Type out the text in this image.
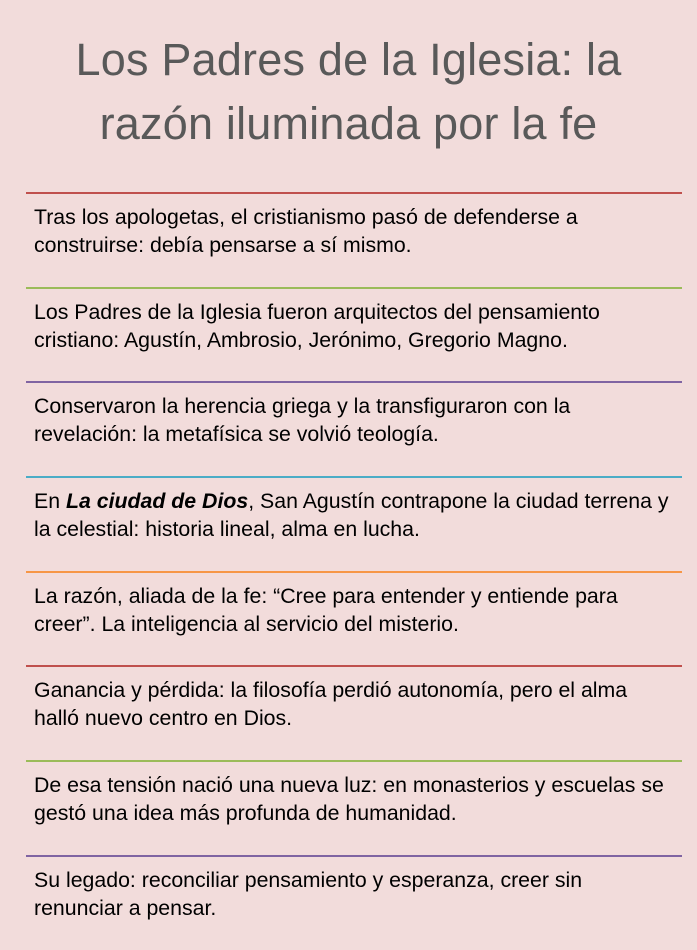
Los Padres de la Iglesia: la razón iluminada por la fe
Tras los apologetas, el cristianismo pasó de defenderse a construirse: debía pensarse a sí mismo.
Los Padres de la Iglesia fueron arquitectos del pensamiento cristiano: Agustín, Ambrosio, Jerónimo, Gregorio Magno.
Conservaron la herencia griega y la transfiguraron con la revelación: la metafísica se volvió teología.
En La ciudad de Dios, San Agustín contrapone la ciudad terrena y la celestial: historia lineal, alma en lucha.
La razón, aliada de la fe: “Cree para entender y entiende para creer”. La inteligencia al servicio del misterio.
Ganancia y pérdida: la filosofía perdió autonomía, pero el alma halló nuevo centro en Dios.
De esa tensión nació una nueva luz: en monasterios y escuelas se gestó una idea más profunda de humanidad.
Su legado: reconciliar pensamiento y esperanza, creer sin renunciar a pensar.
